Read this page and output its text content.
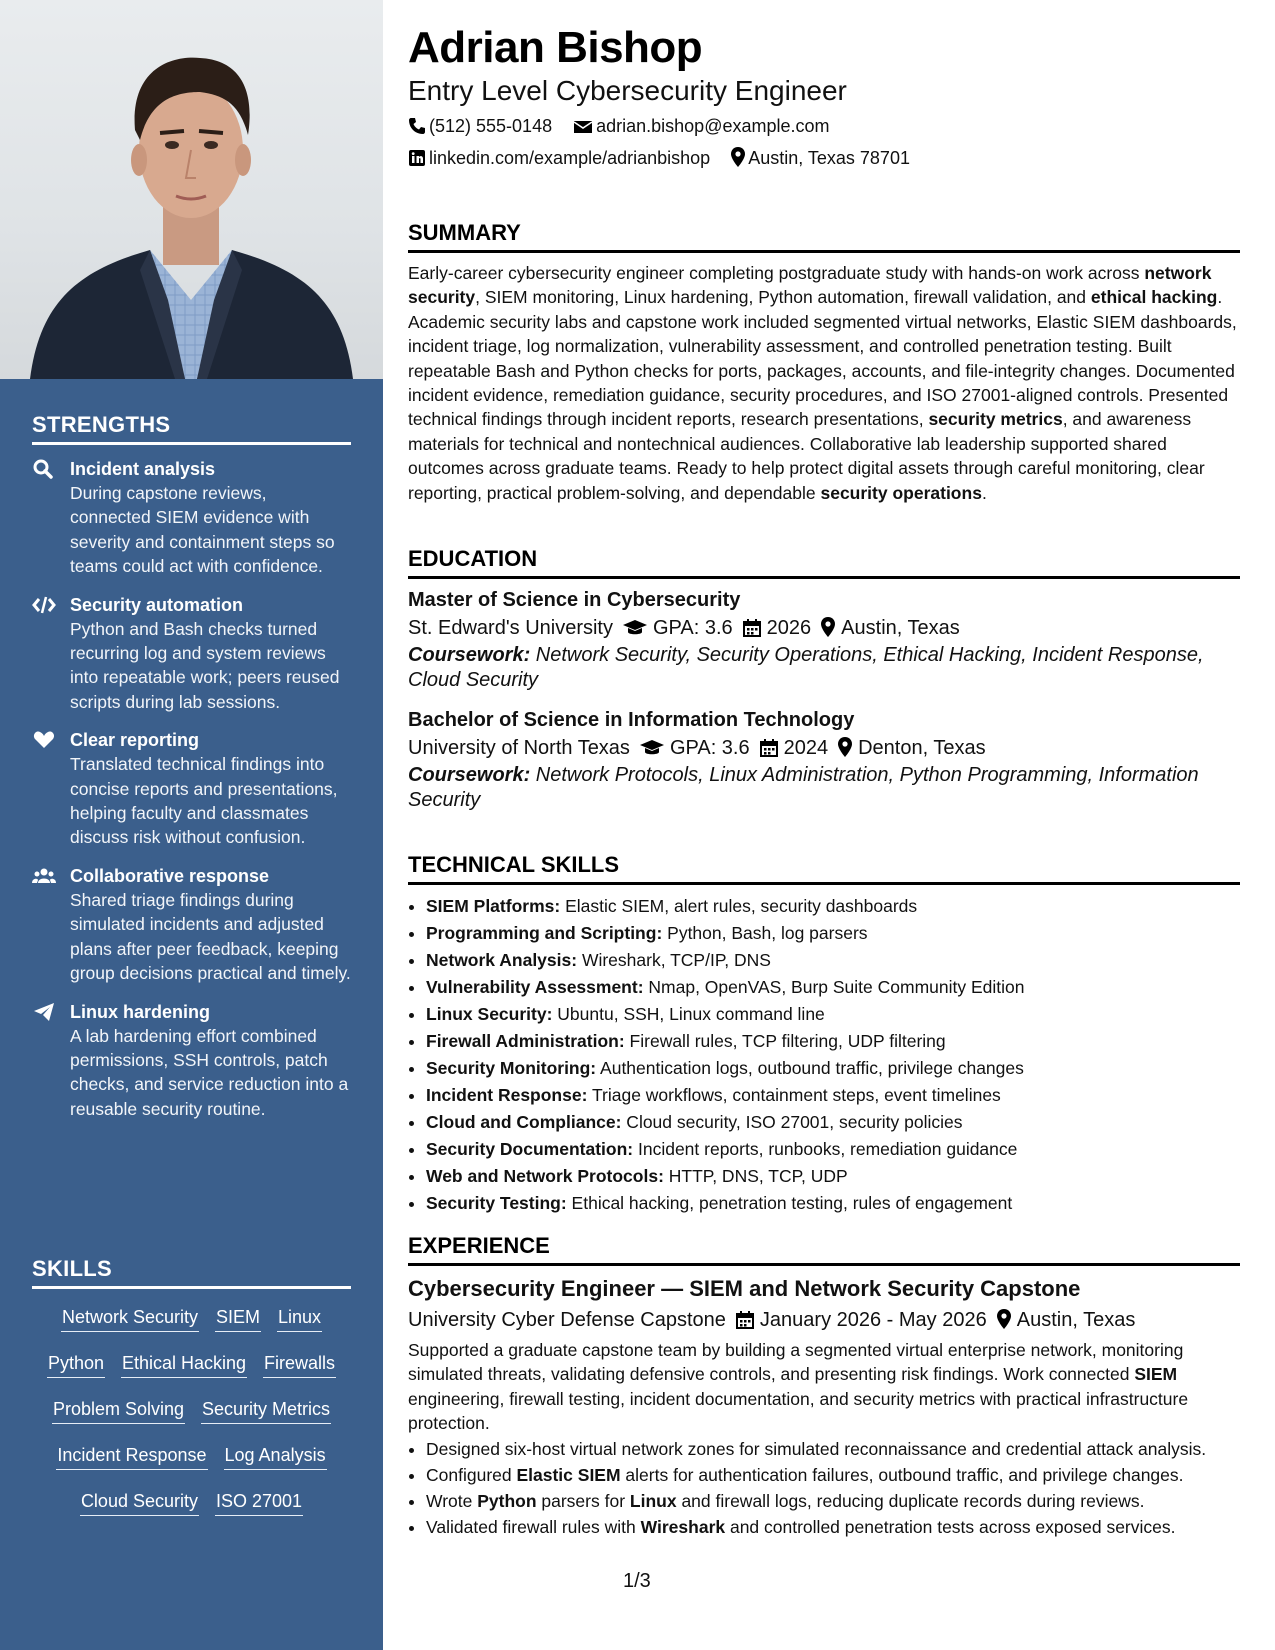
STRENGTHS
Incident analysis
During capstone reviews, connected SIEM evidence with severity and containment steps so teams could act with confidence.
Security automation
Python and Bash checks turned recurring log and system reviews into repeatable work; peers reused scripts during lab sessions.
Clear reporting
Translated technical findings into concise reports and presentations, helping faculty and classmates discuss risk without confusion.
Collaborative response
Shared triage findings during simulated incidents and adjusted plans after peer feedback, keeping group decisions practical and timely.
Linux hardening
A lab hardening effort combined permissions, SSH controls, patch checks, and service reduction into a reusable security routine.
SKILLS
Network Security SIEM Linux
Python Ethical Hacking Firewalls
Problem Solving Security Metrics
Incident Response Log Analysis
Cloud Security ISO 27001
Adrian Bishop
Entry Level Cybersecurity Engineer
(512) 555-0148 adrian.bishop@example.com
linkedin.com/example/adrianbishop Austin, Texas 78701
SUMMARY
Early-career cybersecurity engineer completing postgraduate study with hands-on work across network security, SIEM monitoring, Linux hardening, Python automation, firewall validation, and ethical hacking. Academic security labs and capstone work included segmented virtual networks, Elastic SIEM dashboards, incident triage, log normalization, vulnerability assessment, and controlled penetration testing. Built repeatable Bash and Python checks for ports, packages, accounts, and file-integrity changes. Documented incident evidence, remediation guidance, security procedures, and ISO 27001-aligned controls. Presented technical findings through incident reports, research presentations, security metrics, and awareness materials for technical and nontechnical audiences. Collaborative lab leadership supported shared outcomes across graduate teams. Ready to help protect digital assets through careful monitoring, clear reporting, practical problem-solving, and dependable security operations.
EDUCATION
Master of Science in Cybersecurity
St. Edward's University GPA: 3.6 2026 Austin, Texas
Coursework: Network Security, Security Operations, Ethical Hacking, Incident Response, Cloud Security
Bachelor of Science in Information Technology
University of North Texas GPA: 3.6 2024 Denton, Texas
Coursework: Network Protocols, Linux Administration, Python Programming, Information Security
TECHNICAL SKILLS
• SIEM Platforms: Elastic SIEM, alert rules, security dashboards
• Programming and Scripting: Python, Bash, log parsers
• Network Analysis: Wireshark, TCP/IP, DNS
• Vulnerability Assessment: Nmap, OpenVAS, Burp Suite Community Edition
• Linux Security: Ubuntu, SSH, Linux command line
• Firewall Administration: Firewall rules, TCP filtering, UDP filtering
• Security Monitoring: Authentication logs, outbound traffic, privilege changes
• Incident Response: Triage workflows, containment steps, event timelines
• Cloud and Compliance: Cloud security, ISO 27001, security policies
• Security Documentation: Incident reports, runbooks, remediation guidance
• Web and Network Protocols: HTTP, DNS, TCP, UDP
• Security Testing: Ethical hacking, penetration testing, rules of engagement
EXPERIENCE
Cybersecurity Engineer — SIEM and Network Security Capstone
University Cyber Defense Capstone January 2026 - May 2026 Austin, Texas
Supported a graduate capstone team by building a segmented virtual enterprise network, monitoring simulated threats, validating defensive controls, and presenting risk findings. Work connected SIEM engineering, firewall testing, incident documentation, and security metrics with practical infrastructure protection.
• Designed six-host virtual network zones for simulated reconnaissance and credential attack analysis.
• Configured Elastic SIEM alerts for authentication failures, outbound traffic, and privilege changes.
• Wrote Python parsers for Linux and firewall logs, reducing duplicate records during reviews.
• Validated firewall rules with Wireshark and controlled penetration tests across exposed services.
1/3
